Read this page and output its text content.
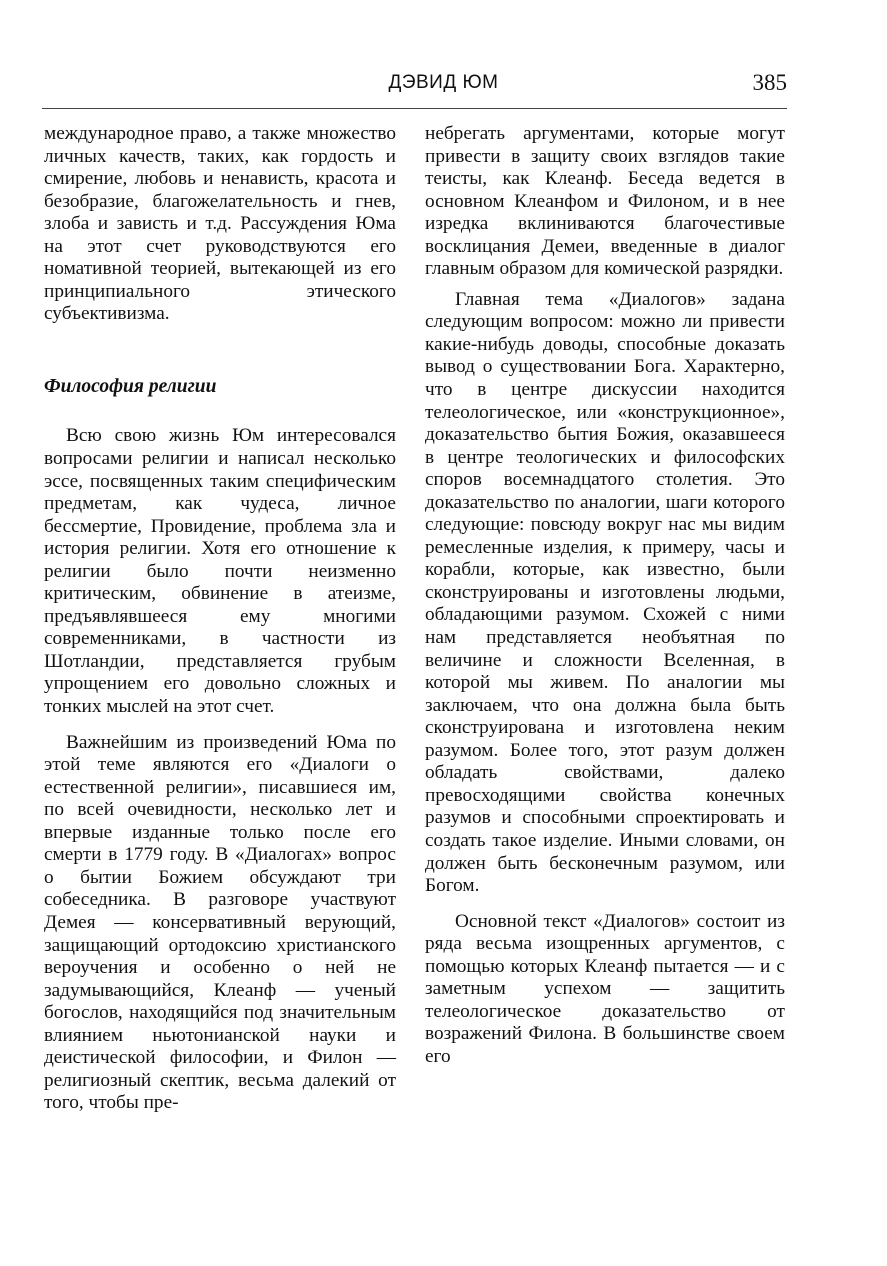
ДЭВИД ЮМ	385

международное право, а также множество личных качеств, таких, как гордость и смирение, любовь и ненависть, красота и безобразие, благожелательность и гнев, злоба и зависть и т.д. Рассуждения Юма на этот счет руководствуются его номативной теорией, вытекающей из его принципиального этического субъективизма.

Философия религии

Всю свою жизнь Юм интересовался вопросами религии и написал несколько эссе, посвященных таким специфическим предметам, как чудеса, личное бессмертие, Провидение, проблема зла и история религии. Хотя его отношение к религии было почти неизменно критическим, обвинение в атеизме, предъявлявшееся ему многими современниками, в частности из Шотландии, представляется грубым упрощением его довольно сложных и тонких мыслей на этот счет.

Важнейшим из произведений Юма по этой теме являются его «Диалоги о естественной религии», писавшиеся им, по всей очевидности, несколько лет и впервые изданные только после его смерти в 1779 году. В «Диалогах» вопрос о бытии Божием обсуждают три собеседника. В разговоре участвуют Демея — консервативный верующий, защищающий ортодоксию христианского вероучения и особенно о ней не задумывающийся, Клеанф — ученый богослов, находящийся под значительным влиянием ньютонианской науки и деистической философии, и Филон — религиозный скептик, весьма далекий от того, чтобы пре-

небрегать аргументами, которые могут привести в защиту своих взглядов такие теисты, как Клеанф. Беседа ведется в основном Клеанфом и Филоном, и в нее изредка вклиниваются благочестивые восклицания Демеи, введенные в диалог главным образом для комической разрядки.

Главная тема «Диалогов» задана следующим вопросом: можно ли привести какие-нибудь доводы, способные доказать вывод о существовании Бога. Характерно, что в центре дискуссии находится телеологическое, или «конструкционное», доказательство бытия Божия, оказавшееся в центре теологических и философских споров восемнадцатого столетия. Это доказательство по аналогии, шаги которого следующие: повсюду вокруг нас мы видим ремесленные изделия, к примеру, часы и корабли, которые, как известно, были сконструированы и изготовлены людьми, обладающими разумом. Схожей с ними нам представляется необъятная по величине и сложности Вселенная, в которой мы живем. По аналогии мы заключаем, что она должна была быть сконструирована и изготовлена неким разумом. Более того, этот разум должен обладать свойствами, далеко превосходящими свойства конечных разумов и способными спроектировать и создать такое изделие. Иными словами, он должен быть бесконечным разумом, или Богом.

Основной текст «Диалогов» состоит из ряда весьма изощренных аргументов, с помощью которых Клеанф пытается — и с заметным успехом — защитить телеологическое доказательство от возражений Филона. В большинстве своем его
